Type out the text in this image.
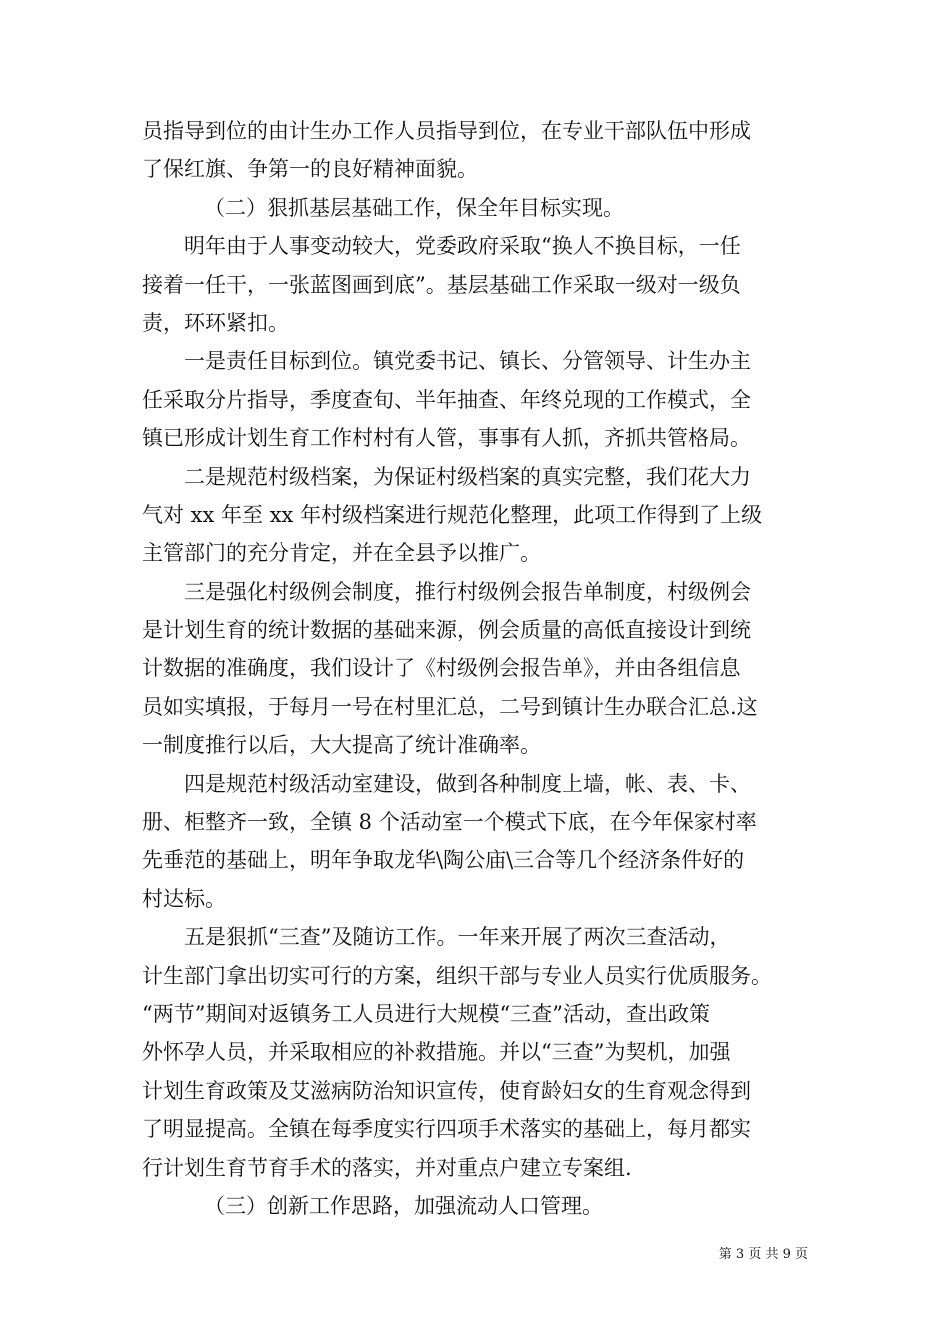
员指导到位的由计生办工作人员指导到位，在专业干部队伍中形成
了保红旗、争第一的良好精神面貌。
（二）狠抓基层基础工作，保全年目标实现。
明年由于人事变动较大，党委政府采取“换人不换目标，一任
接着一任干，一张蓝图画到底”。基层基础工作采取一级对一级负
责，环环紧扣。
一是责任目标到位。镇党委书记、镇长、分管领导、计生办主
任采取分片指导，季度查旬、半年抽查、年终兑现的工作模式，全
镇已形成计划生育工作村村有人管，事事有人抓，齐抓共管格局。
二是规范村级档案，为保证村级档案的真实完整，我们花大力
气对 xx 年至 xx 年村级档案进行规范化整理，此项工作得到了上级
主管部门的充分肯定，并在全县予以推广。
三是强化村级例会制度，推行村级例会报告单制度，村级例会
是计划生育的统计数据的基础来源，例会质量的高低直接设计到统
计数据的准确度，我们设计了《村级例会报告单》，并由各组信息
员如实填报，于每月一号在村里汇总，二号到镇计生办联合汇总.这
一制度推行以后，大大提高了统计准确率。
四是规范村级活动室建设，做到各种制度上墙，帐、表、卡、
册、柜整齐一致，全镇 8 个活动室一个模式下底，在今年保家村率
先垂范的基础上，明年争取龙华\陶公庙\三合等几个经济条件好的
村达标。
五是狠抓“三查”及随访工作。一年来开展了两次三查活动，
计生部门拿出切实可行的方案，组织干部与专业人员实行优质服务。
“两节”期间对返镇务工人员进行大规模“三查”活动，查出政策
外怀孕人员，并采取相应的补救措施。并以“三查”为契机，加强
计划生育政策及艾滋病防治知识宣传，使育龄妇女的生育观念得到
了明显提高。全镇在每季度实行四项手术落实的基础上，每月都实
行计划生育节育手术的落实，并对重点户建立专案组.
（三）创新工作思路，加强流动人口管理。
第 3 页 共 9 页
